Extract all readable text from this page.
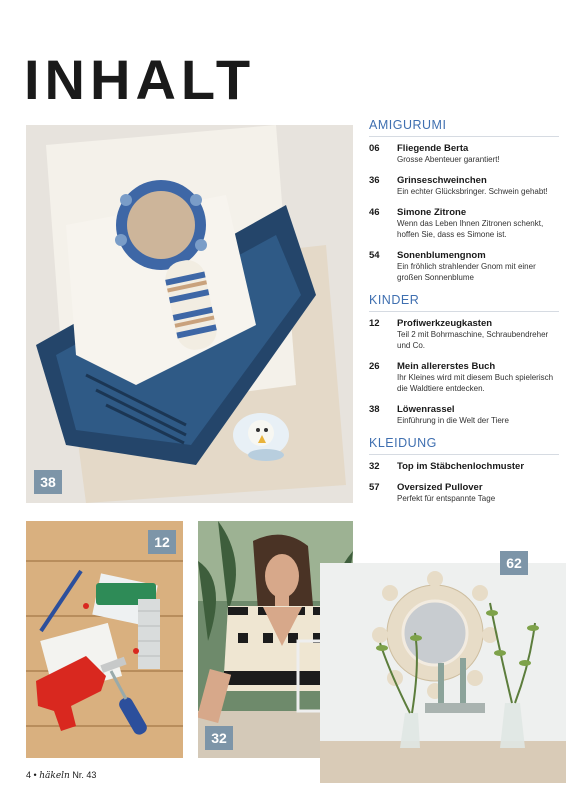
INHALT
38
12
32
62
AMIGURUMI
06	Fliegende Berta
Grosse Abenteuer garantiert!
36	Grinseschweinchen
Ein echter Glücksbringer. Schwein gehabt!
46	Simone Zitrone
Wenn das Leben Ihnen Zitronen schenkt, hoffen Sie, dass es Simone ist.
54	Sonenblumengnom
Ein fröhlich strahlender Gnom mit einer großen Sonnenblume
KINDER
12	Profiwerkzeugkasten
Teil 2 mit Bohrmaschine, Schraubendreher und Co.
26	Mein allererstes Buch
Ihr Kleines wird mit diesem Buch spielerisch die Waldtiere entdecken.
38	Löwenrassel
Einführung in die Welt der Tiere
KLEIDUNG
32	Top im Stäbchenlochmuster
57	Oversized Pullover
Perfekt für entspannte Tage
4 • häkeln Nr. 43
PassionForum.ru
